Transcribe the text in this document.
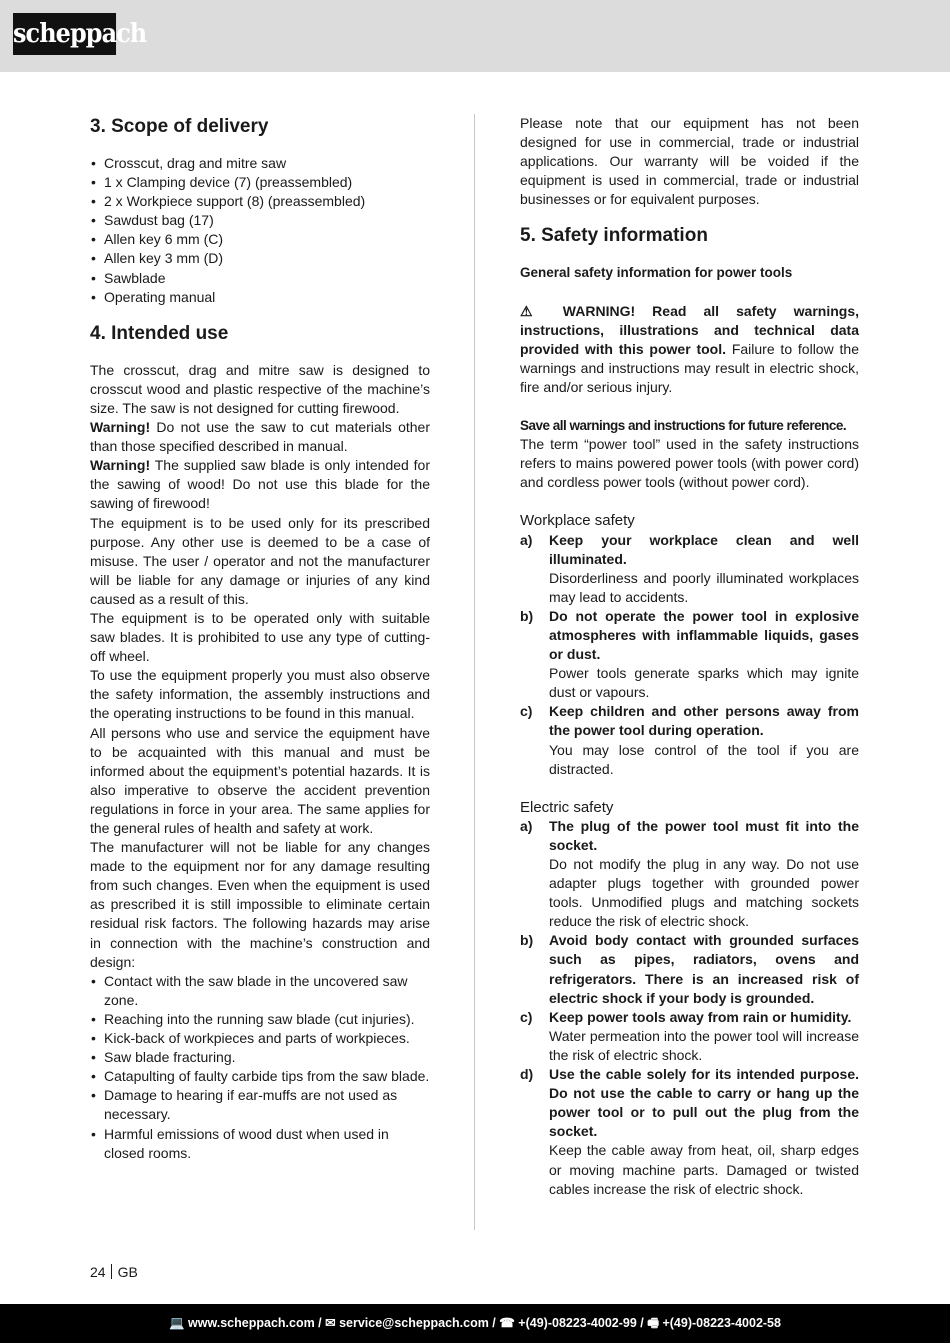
scheppach
3. Scope of delivery
• Crosscut, drag and mitre saw
• 1 x Clamping device (7) (preassembled)
• 2 x Workpiece support (8) (preassembled)
• Sawdust bag (17)
• Allen key 6 mm (C)
• Allen key 3 mm (D)
• Sawblade
• Operating manual
4. Intended use

The crosscut, drag and mitre saw is designed to crosscut wood and plastic respective of the machine’s size. The saw is not designed for cutting firewood.

Warning! Do not use the saw to cut materials other than those specified described in manual.

Warning! The supplied saw blade is only intended for the sawing of wood! Do not use this blade for the sawing of firewood!

The equipment is to be used only for its prescribed purpose. Any other use is deemed to be a case of misuse. The user / operator and not the manufacturer will be liable for any damage or injuries of any kind caused as a result of this.

The equipment is to be operated only with suitable saw blades. It is prohibited to use any type of cutting-off wheel.

To use the equipment properly you must also observe the safety information, the assembly instructions and the operating instructions to be found in this manual.

All persons who use and service the equipment have to be acquainted with this manual and must be informed about the equipment’s potential hazards. It is also imperative to observe the accident prevention regulations in force in your area. The same applies for the general rules of health and safety at work.

The manufacturer will not be liable for any changes made to the equipment nor for any damage resulting from such changes. Even when the equipment is used as prescribed it is still impossible to eliminate certain residual risk factors. The following hazards may arise in connection with the machine’s construction and design:

• Contact with the saw blade in the uncovered saw zone.
• Reaching into the running saw blade (cut injuries).
• Kick-back of workpieces and parts of workpieces.
• Saw blade fracturing.
• Catapulting of faulty carbide tips from the saw blade.
• Damage to hearing if ear-muffs are not used as necessary.
• Harmful emissions of wood dust when used in closed rooms.

Please note that our equipment has not been designed for use in commercial, trade or industrial applications. Our warranty will be voided if the equipment is used in commercial, trade or industrial businesses or for equivalent purposes.

5. Safety information

General safety information for power tools

⚠ WARNING! Read all safety warnings, instructions, illustrations and technical data provided with this power tool. Failure to follow the warnings and instructions may result in electric shock, fire and/or serious injury.

Save all warnings and instructions for future reference.

The term “power tool” used in the safety instructions refers to mains powered power tools (with power cord) and cordless power tools (without power cord).

Workplace safety
a) Keep your workplace clean and well illuminated.
Disorderliness and poorly illuminated workplaces may lead to accidents.
b) Do not operate the power tool in explosive atmospheres with inflammable liquids, gases or dust.
Power tools generate sparks which may ignite dust or vapours.
c) Keep children and other persons away from the power tool during operation.
You may lose control of the tool if you are distracted.
Electric safety
a) The plug of the power tool must fit into the socket.
Do not modify the plug in any way. Do not use adapter plugs together with grounded power tools. Unmodified plugs and matching sockets reduce the risk of electric shock.
b) Avoid body contact with grounded surfaces such as pipes, radiators, ovens and refrigerators. There is an increased risk of electric shock if your body is grounded.
c) Keep power tools away from rain or humidity.
Water permeation into the power tool will increase the risk of electric shock.
d) Use the cable solely for its intended purpose. Do not use the cable to carry or hang up the power tool or to pull out the plug from the socket.
Keep the cable away from heat, oil, sharp edges or moving machine parts. Damaged or twisted cables increase the risk of electric shock.
24 GB
💻 www.scheppach.com / ✉ service@scheppach.com / ☎ +(49)-08223-4002-99 / 🖷 +(49)-08223-4002-58
